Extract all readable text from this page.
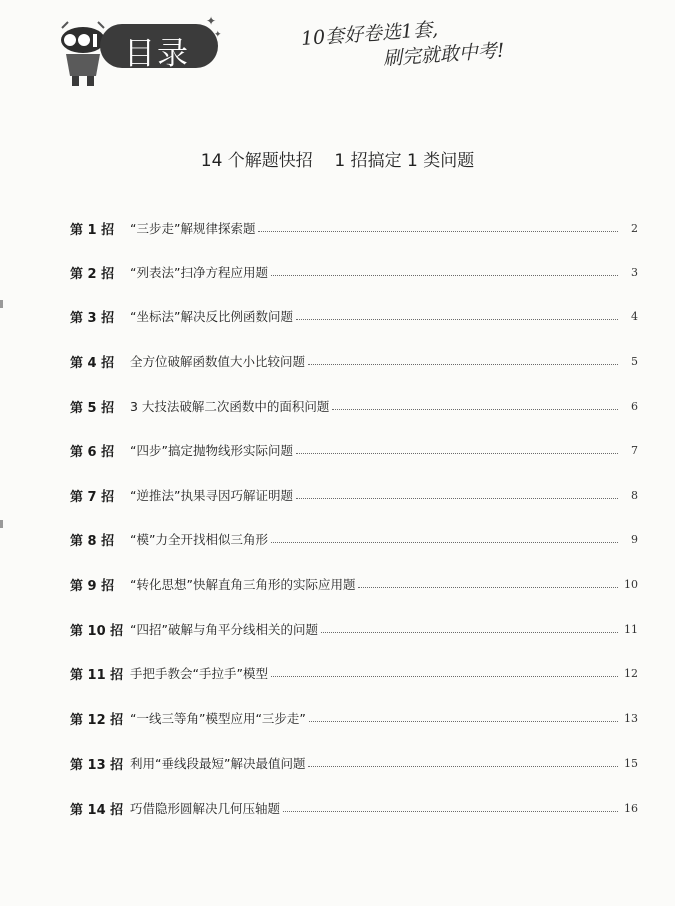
目录
✦
✦	10套好卷选1套,
刷完就敢中考!
14 个解题快招    1 招搞定 1 类问题
第 1 招	“三步走”解规律探索题	2
第 2 招	“列表法”扫净方程应用题	3
第 3 招	“坐标法”解决反比例函数问题	4
第 4 招	全方位破解函数值大小比较问题	5
第 5 招	3 大技法破解二次函数中的面积问题	6
第 6 招	“四步”搞定抛物线形实际问题	7
第 7 招	“逆推法”执果寻因巧解证明题	8
第 8 招	“模”力全开找相似三角形	9
第 9 招	“转化思想”快解直角三角形的实际应用题	10
第 10 招 “四招”破解与角平分线相关的问题	11
第 11 招 手把手教会“手拉手”模型	12
第 12 招 “一线三等角”模型应用“三步走”	13
第 13 招 利用“垂线段最短”解决最值问题	15
第 14 招 巧借隐形圆解决几何压轴题	16
